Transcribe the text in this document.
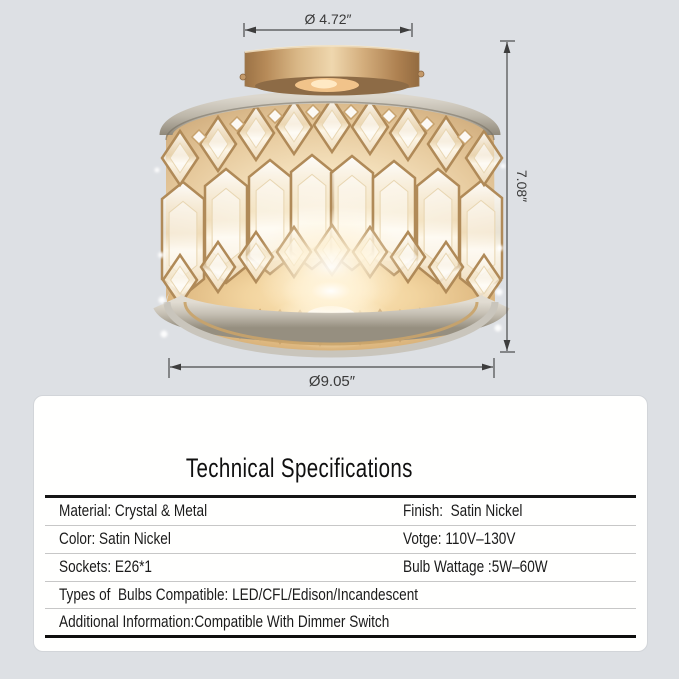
Ø 4.72″
7.08″
Ø9.05″
Technical Specifications
Material: Crystal & Metal	Finish:  Satin Nickel
Color: Satin Nickel	Votge: 110V–130V
Sockets: E26*1	Bulb Wattage :5W–60W
Types of  Bulbs Compatible: LED/CFL/Edison/Incandescent
Additional Information:Compatible With Dimmer Switch
